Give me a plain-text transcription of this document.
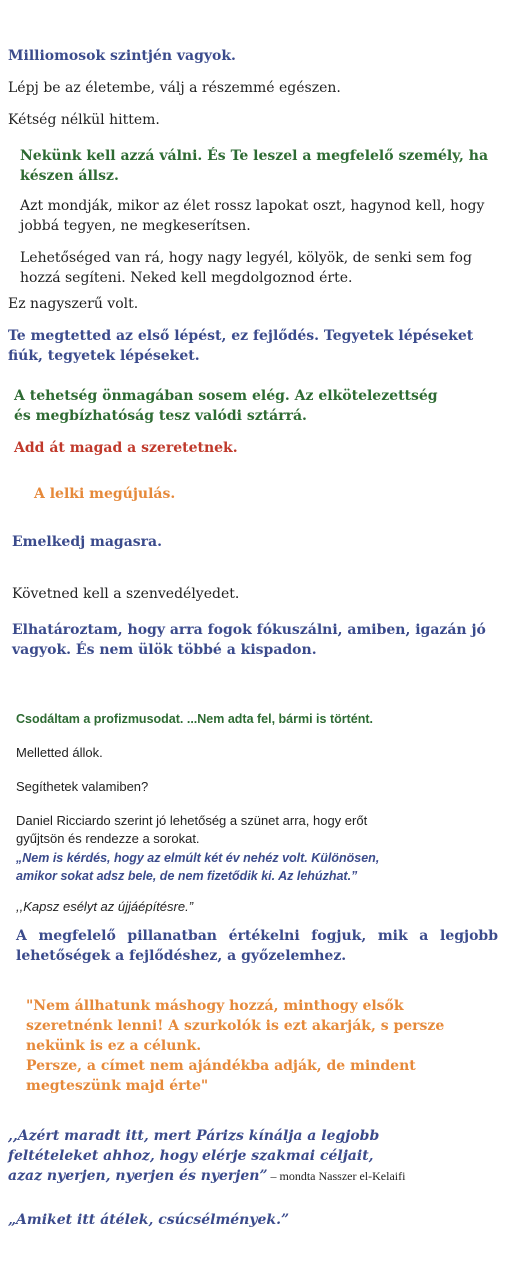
Milliomosok szintjén vagyok.

Lépj be az életembe, válj a részemmé egészen.

Kétség nélkül hittem.

Nekünk kell azzá válni. És Te leszel a megfelelő személy, ha készen állsz.

Azt mondják, mikor az élet rossz lapokat oszt, hagynod kell, hogy jobbá tegyen, ne megkeserítsen.

Lehetőséged van rá, hogy nagy legyél, kölyök, de senki sem fog hozzá segíteni. Neked kell megdolgoznod érte.

Ez nagyszerű volt.

Te megtetted az első lépést, ez fejlődés. Tegyetek lépéseket fiúk, tegyetek lépéseket.

A tehetség önmagában sosem elég. Az elkötelezettség és megbízhatóság tesz valódi sztárrá.

Add át magad a szeretetnek.

A lelki megújulás.

Emelkedj magasra.

Követned kell a szenvedélyedet.

Elhatároztam, hogy arra fogok fókuszálni, amiben, igazán jó vagyok. És nem ülök többé a kispadon.

Csodáltam a profizmusodat. ...Nem adta fel, bármi is történt.

Melletted állok.

Segíthetek valamiben?

Daniel Ricciardo szerint jó lehetőség a szünet arra, hogy erőt gyűjtsön és rendezze a sorokat.

„Nem is kérdés, hogy az elmúlt két év nehéz volt. Különösen, amikor sokat adsz bele, de nem fizetődik ki. Az lehúzhat.”

,,Kapsz esélyt az újjáépítésre.”

A megfelelő pillanatban értékelni fogjuk, mik a legjobb lehetőségek a fejlődéshez, a győzelemhez.

"Nem állhatunk máshogy hozzá, minthogy elsők szeretnénk lenni! A szurkolók is ezt akarják, s persze nekünk is ez a célunk.

Persze, a címet nem ajándékba adják, de mindent megteszünk majd érte"

,,Azért maradt itt, mert Párizs kínálja a legjobb feltételeket ahhoz, hogy elérje szakmai céljait, azaz nyerjen, nyerjen és nyerjen” – mondta Nasszer el-Kelaifi

„Amiket itt átélek, csúcsélmények.”
